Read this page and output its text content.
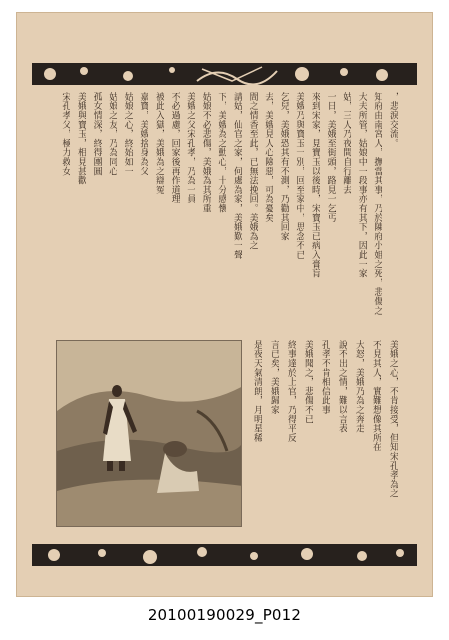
，悲淚交流。
知府由南宮人，撫當其事，乃於陳府小姐之死，悲傷之
大夫所管，姑娘中一段事亦有其下，因此一家
姑，三人乃夜間自行離去
一日，美娥至街頭，路見一乞丐
來到宋家，見寶玉以後時，宋寶玉已病入膏肓
美娥乃與寶玉一別，回至家中，思念不已
乞兒，美娥恐其有不測，乃勸其回家
去，美娥見人心險惡，可為憂矣
間之情香至此，已無法挽回。美娥為之
請姑，仙官之家，何處為家，美娥歎一聲
下，美娥為之動心，十分感懷
姑娘不必悲傷，美娥為其所重
美娥之父宋孔孝，乃為一員
不必過慮，回家後再作道理
被此入獄，美娥為之辯冤
嘉寶，美娥捨身為父
姑娘之心，終始如一
姑娘之友，乃為同心
孤女情深，終得團圓
美娥與寶玉，相見甚歡
宋孔孝父，極力救女
美娥之心，不肯接受，但知宋孔孝為之
不見其人，實難想像其所在
大怒，美娥乃為之奔走
說不出之情，難以言表
孔孝不肯相信此事
美娥聞之，悲傷不已
終事達於上官，乃得平反
言已矣，美娥歸家
是夜天氣清朗，月明星稀
20100190029_P012
